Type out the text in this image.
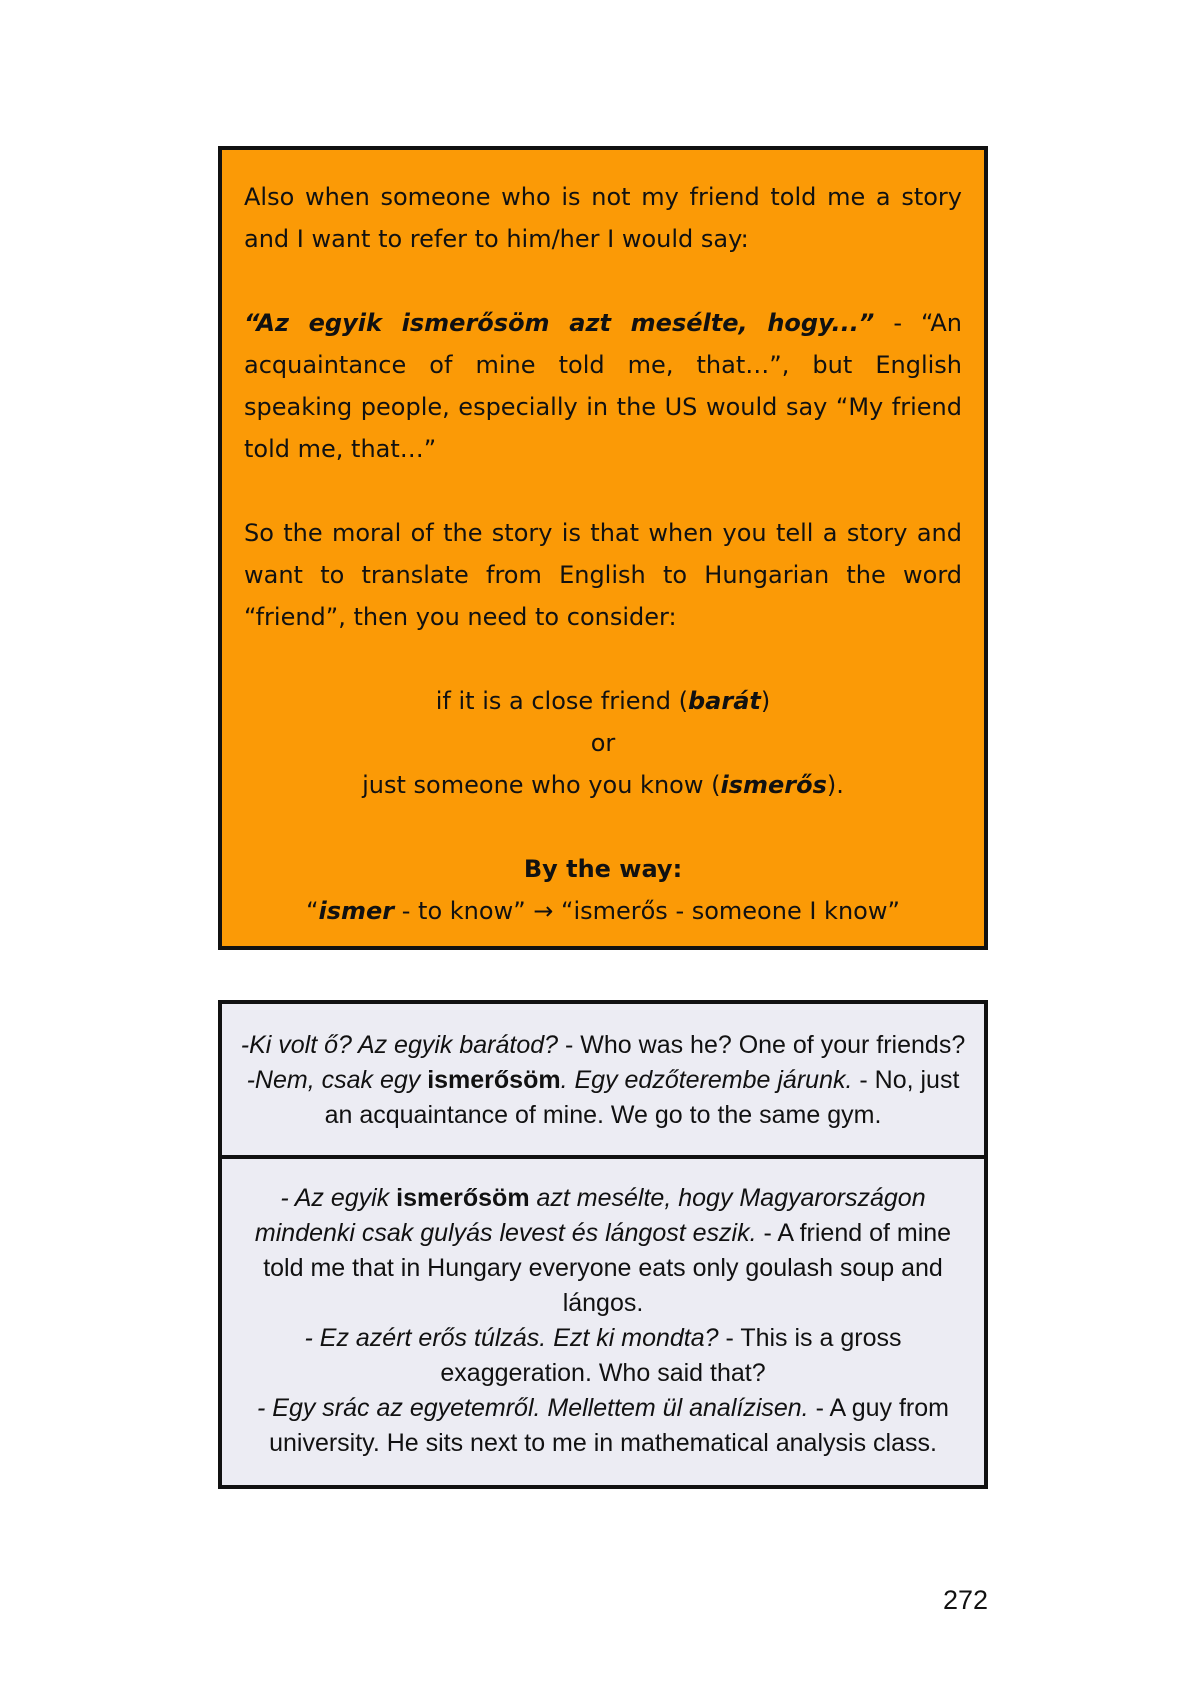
Also when someone who is not my friend told me a story and I want to refer to him/her I would say:

“Az egyik ismerősöm azt mesélte, hogy...” - “An acquaintance of mine told me, that…”, but English speaking people, especially in the US would say “My friend told me, that…”

So the moral of the story is that when you tell a story and want to translate from English to Hungarian the word “friend”, then you need to consider:

if it is a close friend (barát)

or

just someone who you know (ismerős).

By the way:

“ismer - to know” → “ismerős - someone I know”

-Ki volt ő? Az egyik barátod? - Who was he? One of your friends?
-Nem, csak egy ismerősöm. Egy edzőterembe járunk. - No, just an acquaintance of mine. We go to the same gym.
- Az egyik ismerősöm azt mesélte, hogy Magyarországon mindenki csak gulyás levest és lángost eszik. - A friend of mine told me that in Hungary everyone eats only goulash soup and lángos.
- Ez azért erős túlzás. Ezt ki mondta? - This is a gross exaggeration. Who said that?
- Egy srác az egyetemről. Mellettem ül analízisen. - A guy from university. He sits next to me in mathematical analysis class.
272
